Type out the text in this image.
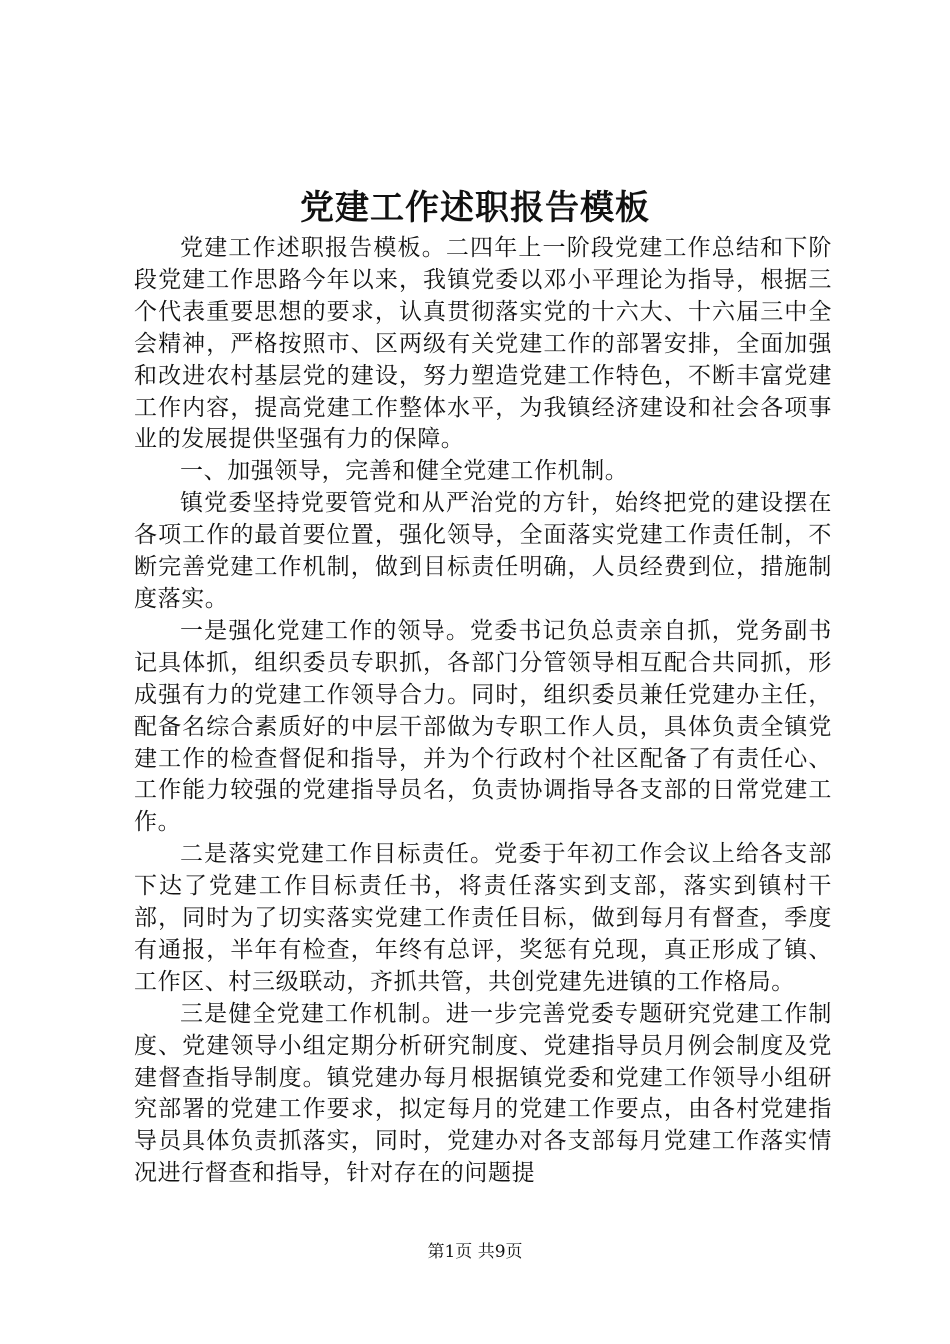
党建工作述职报告模板

党建工作述职报告模板。二四年上一阶段党建工作总结和下阶段党建工作思路今年以来，我镇党委以邓小平理论为指导，根据三个代表重要思想的要求，认真贯彻落实党的十六大、十六届三中全会精神，严格按照市、区两级有关党建工作的部署安排，全面加强和改进农村基层党的建设，努力塑造党建工作特色，不断丰富党建工作内容，提高党建工作整体水平，为我镇经济建设和社会各项事业的发展提供坚强有力的保障。

一、加强领导，完善和健全党建工作机制。

镇党委坚持党要管党和从严治党的方针，始终把党的建设摆在各项工作的最首要位置，强化领导，全面落实党建工作责任制，不断完善党建工作机制，做到目标责任明确，人员经费到位，措施制度落实。

一是强化党建工作的领导。党委书记负总责亲自抓，党务副书记具体抓，组织委员专职抓，各部门分管领导相互配合共同抓，形成强有力的党建工作领导合力。同时，组织委员兼任党建办主任，配备名综合素质好的中层干部做为专职工作人员，具体负责全镇党建工作的检查督促和指导，并为个行政村个社区配备了有责任心、工作能力较强的党建指导员名，负责协调指导各支部的日常党建工作。

二是落实党建工作目标责任。党委于年初工作会议上给各支部下达了党建工作目标责任书，将责任落实到支部，落实到镇村干部，同时为了切实落实党建工作责任目标，做到每月有督查，季度有通报，半年有检查，年终有总评，奖惩有兑现，真正形成了镇、工作区、村三级联动，齐抓共管，共创党建先进镇的工作格局。

三是健全党建工作机制。进一步完善党委专题研究党建工作制度、党建领导小组定期分析研究制度、党建指导员月例会制度及党建督查指导制度。镇党建办每月根据镇党委和党建工作领导小组研究部署的党建工作要求，拟定每月的党建工作要点，由各村党建指导员具体负责抓落实，同时，党建办对各支部每月党建工作落实情况进行督查和指导，针对存在的问题提

第1页 共9页
